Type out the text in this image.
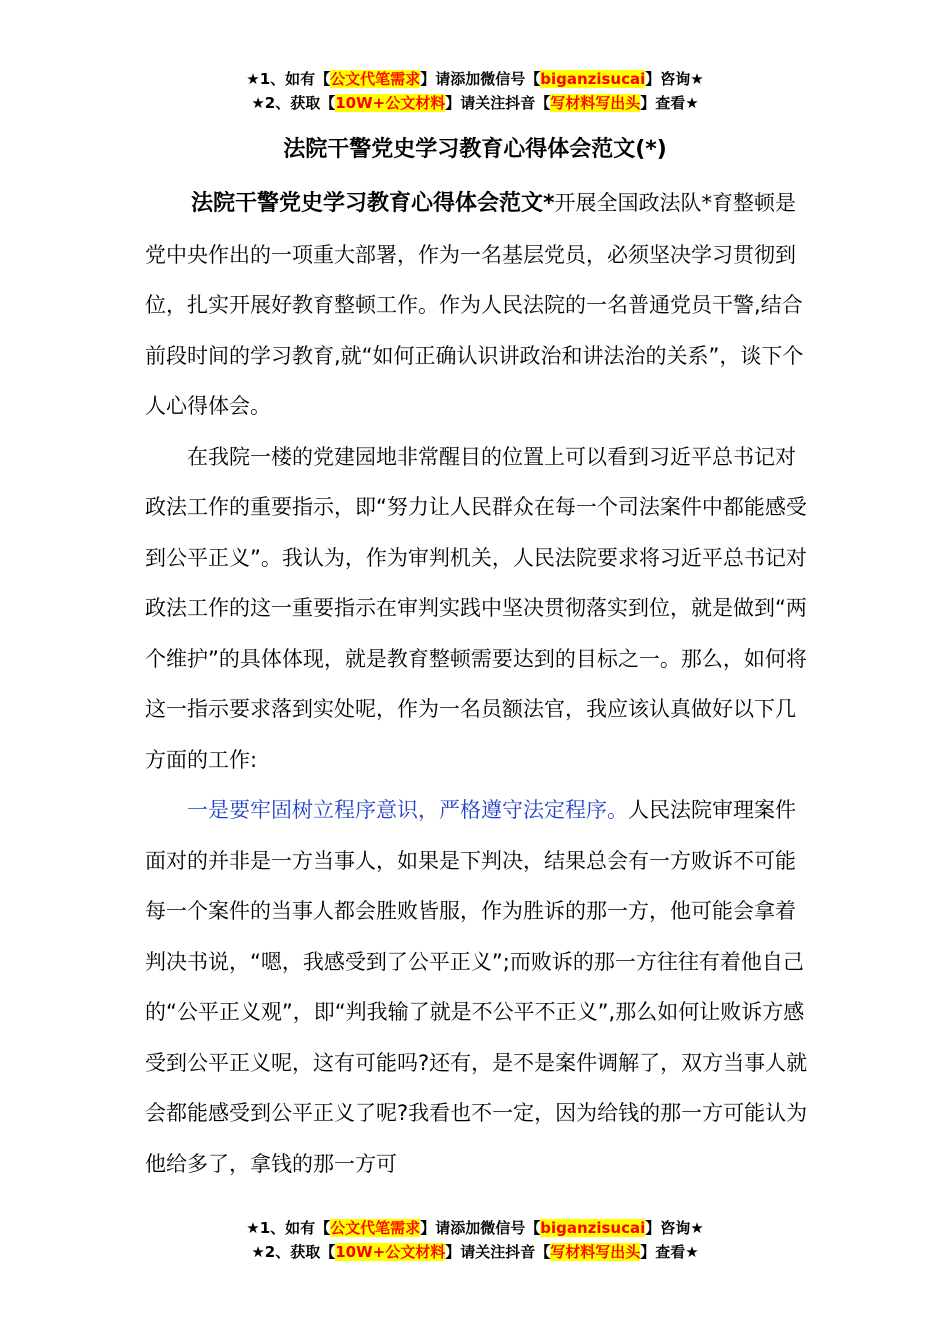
★1、如有【公文代笔需求】请添加微信号【biganzisucai】咨询★
★2、获取【10W+公文材料】请关注抖音【写材料写出头】查看★
法院干警党史学习教育心得体会范文(*)

法院干警党史学习教育心得体会范文*开展全国政法队*育整顿是党中央作出的一项重大部署，作为一名基层党员，必须坚决学习贯彻到位，扎实开展好教育整顿工作。作为人民法院的一名普通党员干警,结合前段时间的学习教育,就“如何正确认识讲政治和讲法治的关系”，谈下个人心得体会。

在我院一楼的党建园地非常醒目的位置上可以看到习近平总书记对政法工作的重要指示，即“努力让人民群众在每一个司法案件中都能感受到公平正义”。我认为，作为审判机关，人民法院要求将习近平总书记对政法工作的这一重要指示在审判实践中坚决贯彻落实到位，就是做到“两个维护”的具体体现，就是教育整顿需要达到的目标之一。那么，如何将这一指示要求落到实处呢，作为一名员额法官，我应该认真做好以下几方面的工作:

一是要牢固树立程序意识，严格遵守法定程序。人民法院审理案件面对的并非是一方当事人，如果是下判决，结果总会有一方败诉不可能每一个案件的当事人都会胜败皆服，作为胜诉的那一方，他可能会拿着判决书说，“嗯，我感受到了公平正义”;而败诉的那一方往往有着他自己的“公平正义观”，即“判我输了就是不公平不正义”,那么如何让败诉方感受到公平正义呢，这有可能吗?还有，是不是案件调解了，双方当事人就会都能感受到公平正义了呢?我看也不一定，因为给钱的那一方可能认为他给多了，拿钱的那一方可

★1、如有【公文代笔需求】请添加微信号【biganzisucai】咨询★
★2、获取【10W+公文材料】请关注抖音【写材料写出头】查看★
